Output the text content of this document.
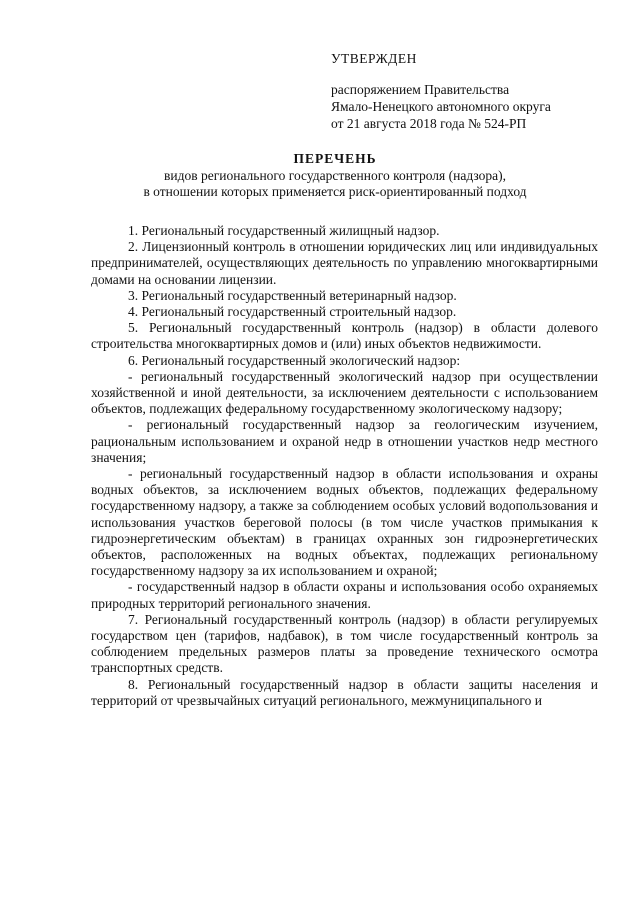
УТВЕРЖДЕН
распоряжением Правительства
Ямало-Ненецкого автономного округа
от 21 августа 2018 года № 524-РП
ПЕРЕЧЕНЬ
видов регионального государственного контроля (надзора),
в отношении которых применяется риск-ориентированный подход

1. Региональный государственный жилищный надзор.

2. Лицензионный контроль в отношении юридических лиц или индивидуальных предпринимателей, осуществляющих деятельность по управлению многоквартирными домами на основании лицензии.

3. Региональный государственный ветеринарный надзор.

4. Региональный государственный строительный надзор.

5. Региональный государственный контроль (надзор) в области долевого строительства многоквартирных домов и (или) иных объектов недвижимости.

6. Региональный государственный экологический надзор:

- региональный государственный экологический надзор при осуществлении хозяйственной и иной деятельности, за исключением деятельности с использованием объектов, подлежащих федеральному государственному экологическому надзору;

- региональный государственный надзор за геологическим изучением, рациональным использованием и охраной недр в отношении участков недр местного значения;

- региональный государственный надзор в области использования и охраны водных объектов, за исключением водных объектов, подлежащих федеральному государственному надзору, а также за соблюдением особых условий водопользования и использования участков береговой полосы (в том числе участков примыкания к гидроэнергетическим объектам) в границах охранных зон гидроэнергетических объектов, расположенных на водных объектах, подлежащих региональному государственному надзору за их использованием и охраной;

- государственный надзор в области охраны и использования особо охраняемых природных территорий регионального значения.

7. Региональный государственный контроль (надзор) в области регулируемых государством цен (тарифов, надбавок), в том числе государственный контроль за соблюдением предельных размеров платы за проведение технического осмотра транспортных средств.

8. Региональный государственный надзор в области защиты населения и территорий от чрезвычайных ситуаций регионального, межмуниципального и
